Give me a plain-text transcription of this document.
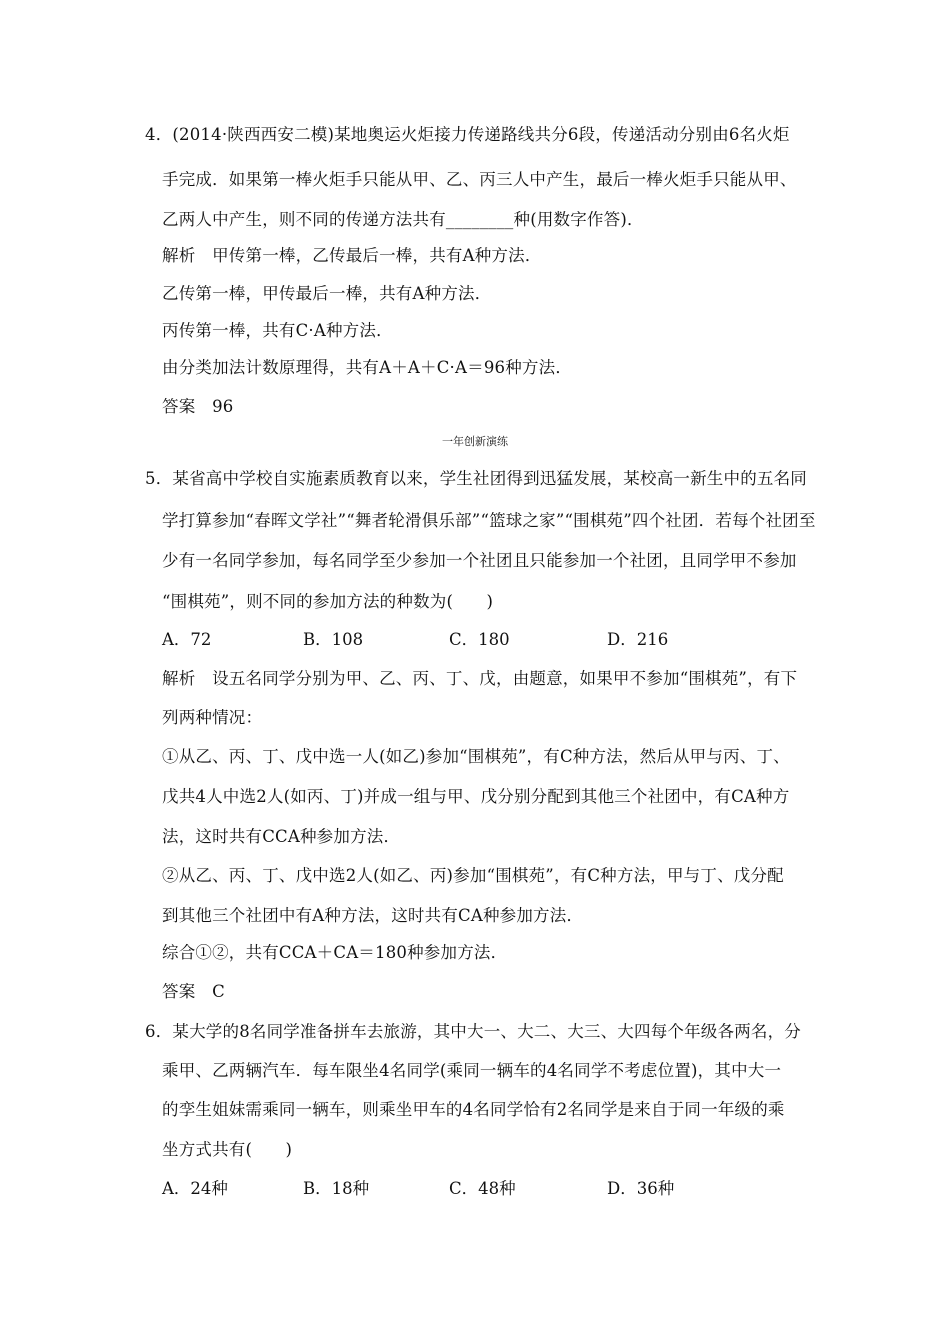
4．(2014·陕西西安二模)某地奥运火炬接力传递路线共分6段，传递活动分别由6名火炬
手完成．如果第一棒火炬手只能从甲、乙、丙三人中产生，最后一棒火炬手只能从甲、
乙两人中产生，则不同的传递方法共有________种(用数字作答)．
解析　甲传第一棒，乙传最后一棒，共有A种方法．
乙传第一棒，甲传最后一棒，共有A种方法．
丙传第一棒，共有C·A种方法．
由分类加法计数原理得，共有A＋A＋C·A＝96种方法．
答案　96
一年创新演练
5．某省高中学校自实施素质教育以来，学生社团得到迅猛发展，某校高一新生中的五名同
学打算参加“春晖文学社”“舞者轮滑俱乐部”“篮球之家”“围棋苑”四个社团．若每个社团至
少有一名同学参加，每名同学至少参加一个社团且只能参加一个社团，且同学甲不参加
“围棋苑”，则不同的参加方法的种数为(　　)
A．72	B．108	C．180	D．216
解析　设五名同学分别为甲、乙、丙、丁、戊，由题意，如果甲不参加“围棋苑”，有下
列两种情况：
①从乙、丙、丁、戊中选一人(如乙)参加“围棋苑”，有C种方法，然后从甲与丙、丁、
戊共4人中选2人(如丙、丁)并成一组与甲、戊分别分配到其他三个社团中，有CA种方
法，这时共有CCA种参加方法．
②从乙、丙、丁、戊中选2人(如乙、丙)参加“围棋苑”，有C种方法，甲与丁、戊分配
到其他三个社团中有A种方法，这时共有CA种参加方法．
综合①②，共有CCA＋CA＝180种参加方法．
答案　C
6．某大学的8名同学准备拼车去旅游，其中大一、大二、大三、大四每个年级各两名，分
乘甲、乙两辆汽车．每车限坐4名同学(乘同一辆车的4名同学不考虑位置)，其中大一
的孪生姐妹需乘同一辆车，则乘坐甲车的4名同学恰有2名同学是来自于同一年级的乘
坐方式共有(　　)
A．24种	B．18种	C．48种	D．36种
